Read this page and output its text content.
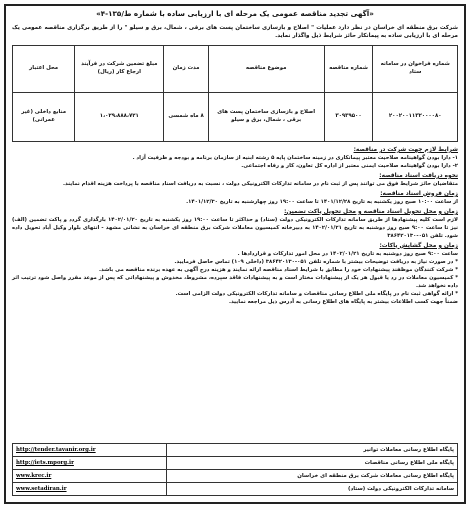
«آگهی تجدید مناقصه عمومی یک مرحله ای با ارزیابی ساده با شماره ط/۱۳۵-۴»

شرکت برق منطقه ای خراسان در نظر دارد عملیات " اصلاح و بازسازی ساختمان پست های برقی ، شمال، برق و سیلو " را از طریق برگزاری مناقصه عمومی یک مرحله ای با ارزیابی ساده به پیمانکار حائز شرایط ذیل واگذار نماید.

شماره فراخوان در سامانه ستاد	شماره مناقصه	موضوع مناقصه	مدت زمان	مبلغ تضمین شرکت در فرآیند ارجاع کار (ریال)	محل اعتبار
۲۰۰۲۰۰۱۱۳۲۰۰۰۰۸۰	۳۰۹۳۹۵۰۰	اصلاح و بازسازی ساختمان پست های برقی ، شمال، برق و سیلو	۸ ماه شمسی	۱،۰۲۹،۸۸۸،۷۲۱	منابع داخلی (غیر عمرانی)
شرایط لازم جهت شرکت در مناقصه:

۱- دارا بودن گواهینامه صلاحیت معتبر پیمانکاری در زمینه ساختمان پایه ۵ رشته ابنیه از سازمان برنامه و بودجه و ظرفیت آزاد .

۲- دارا بودن گواهینامه صلاحیت ایمنی معتبر از اداره کل تعاون، کار و رفاه اجتماعی.

نحوه دریافت اسناد مناقصه:

متقاضیان حائز شرایط فوق می توانند پس از ثبت نام در سامانه تدارکات الکترونیکی دولت ، نسبت به دریافت اسناد مناقصه با پرداخت هزینه اقدام نمایند.

زمان فروش اسناد مناقصه:

از ساعت ۱۰:۰۰ صبح روز یکشنبه به تاریخ ۱۴۰۱/۱۲/۲۸ تا ساعت ۱۹:۰۰ روز چهارشنبه به تاریخ ۱۴۰۱/۱۲/۳۰.

زمان و محل تحویل اسناد مناقصه و محل تحویل پاکت تضمین:

لازم است کلیه پیشنهادها از طریق سامانه تدارکات الکترونیکی دولت (ستاد) و حداکثر تا ساعت ۱۹:۰۰ روز یکشنبه به تاریخ ۱۴۰۲/۰۱/۲۰ بارگذاری گردد و پاکت تضمین (الف) نیز تا ساعت ۹:۰۰ صبح روز دوشنبه به تاریخ ۱۴۰۲/۰۱/۲۱ به دبیرخانه کمیسیون معاملات شرکت برق منطقه ای خراسان به نشانی مشهد - انتهای بلوار وکیل آباد تحویل داده شود. تلفن ۰۵۱-۳۸۶۴۲۰۱۳۰

زمان و محل گشایش پاکات:

ساعت ۹:۰۰ صبح روز دوشنبه به تاریخ ۱۴۰۲/۰۱/۲۱ در محل امور تدارکات و قراردادها .

* در صورت نیاز به دریافت توضیحات بیشتر با شماره تلفن ۰۵۱-۳۸۶۴۲۰۱۳۰ (داخلی ۱۰۹) تماس حاصل فرمایید.

* شرکت کنندگان موظفند پیشنهادات خود را مطابق با شرایط اسناد مناقصه ارائه نمایند و هزینه درج آگهی به عهده برنده مناقصه می باشد.

* کمیسیون معاملات در رد یا قبول هر یک از پیشنهادات مختار است و به پیشنهادات فاقد سپرده، مشروط، مخدوش و پیشنهاداتی که پس از موعد مقرر واصل شود ترتیب اثر داده نخواهد شد.

* ارائه گواهی ثبت نام در پایگاه ملی اطلاع رسانی مناقصات و سامانه تدارکات الکترونیکی دولت الزامی است.

ضمناً جهت کسب اطلاعات بیشتر به پایگاه های اطلاع رسانی به آدرس ذیل مراجعه نمایید.

پایگاه اطلاع رسانی معاملات توانیر
http://tender.tavanir.org.ir
پایگاه ملی اطلاع رسانی مناقصات
http://iets.mporg.ir
پایگاه اطلاع رسانی معاملات شرکت برق منطقه ای خراسان
www.krec.ir
سامانه تدارکات الکترونیکی دولت (ستاد)
www.setadiran.ir
